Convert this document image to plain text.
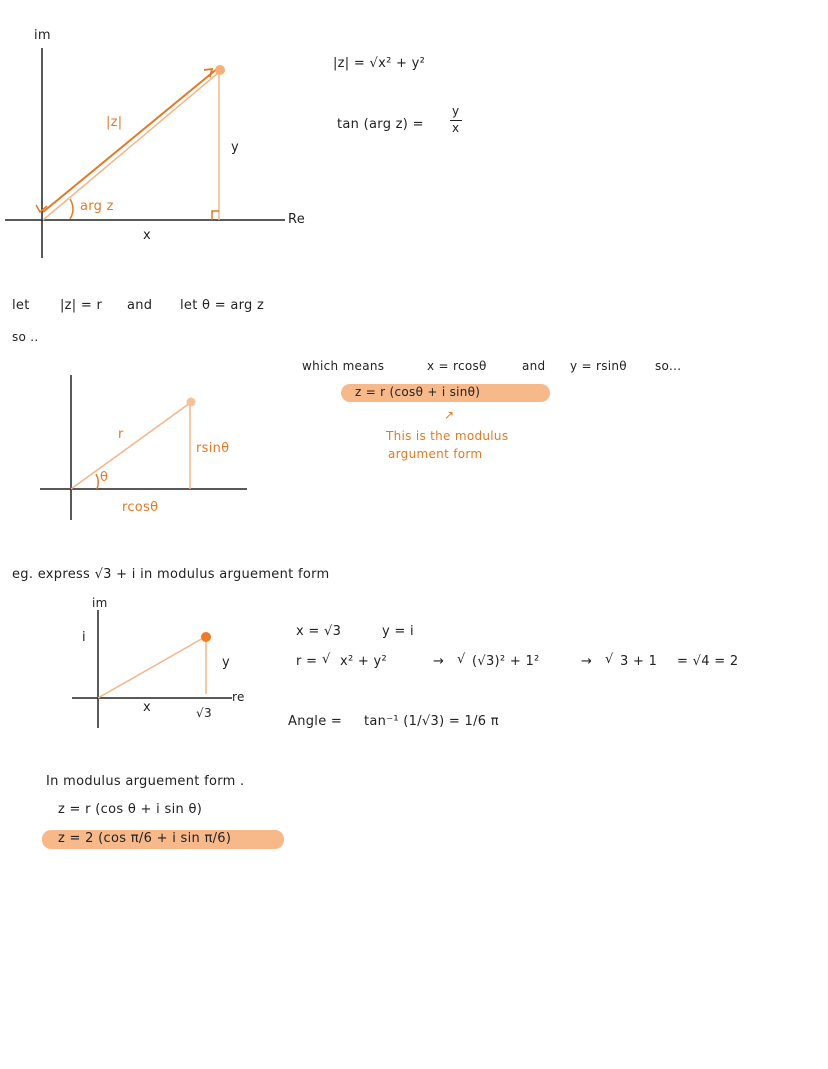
im
|z|
arg z
x
y
Re
|z| = √x² + y²
tan (arg z) =
y
x
let |z| = r and let θ = arg z
so ..
r
θ
rsinθ
rcosθ
which means	x = rcosθ	and y = rsinθ so...
z = r (cosθ + i sinθ)
↗
This is the modulus
argument form
eg. express √3 + i in modulus arguement form
im
i
y
re
x	√3
x = √3	y = i
r = √ x² + y²	→ √ (√3)² + 1²	→ √ 3 + 1 = √4 = 2
Angle = tan⁻¹ (1/√3) = 1/6 π
In modulus arguement form .
z = r (cos θ + i sin θ)
z = 2 (cos π/6 + i sin π/6)
